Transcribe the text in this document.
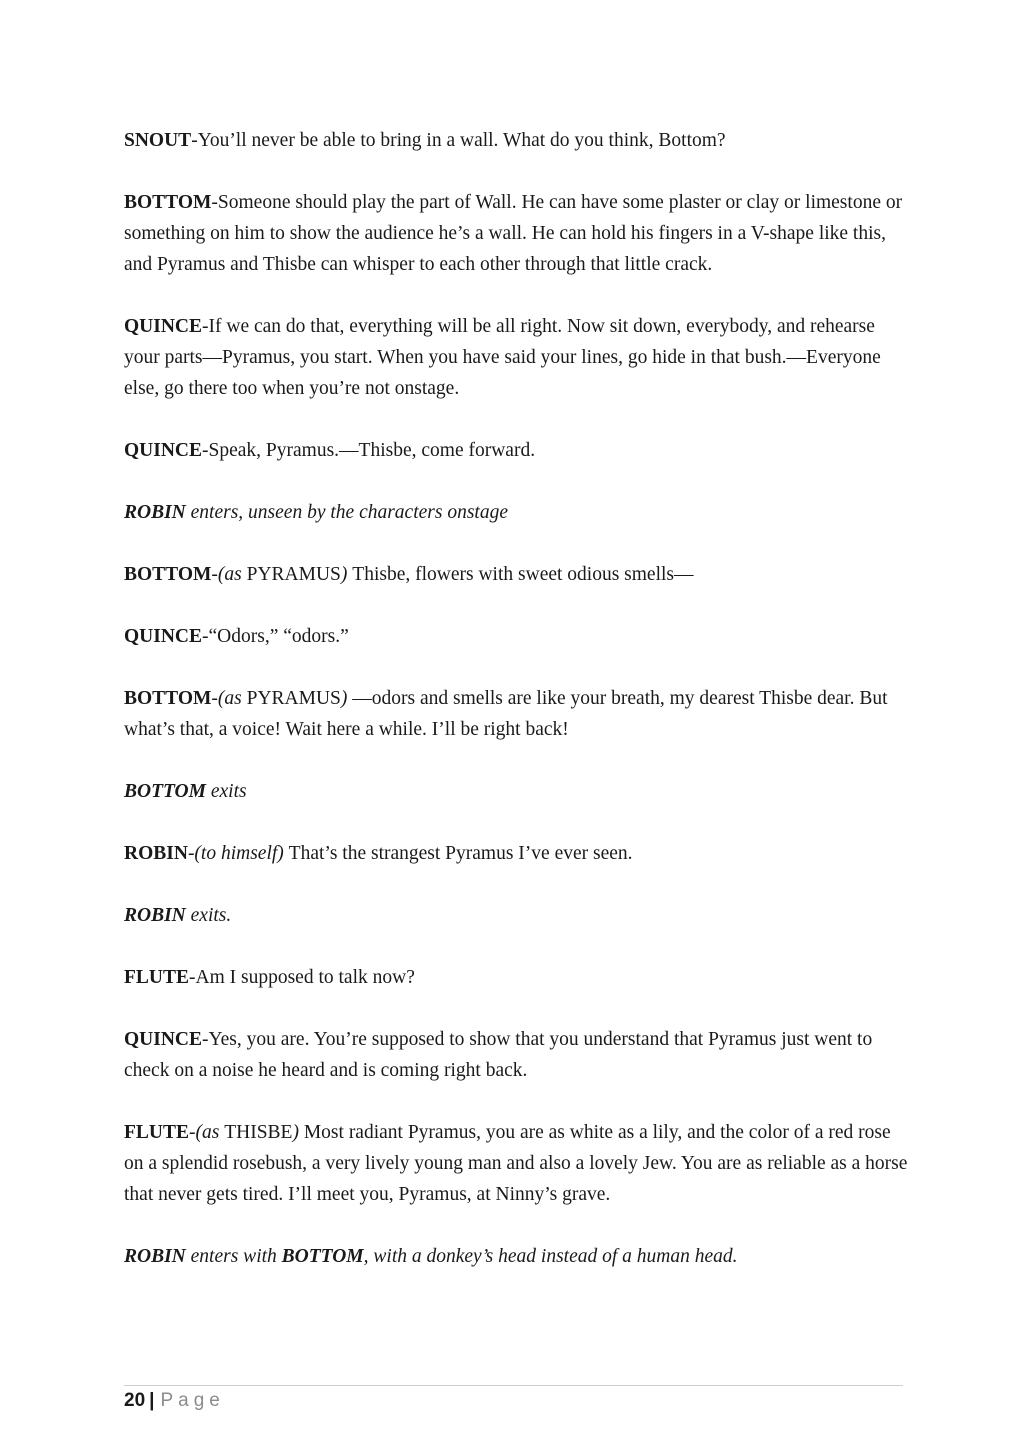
SNOUT-You’ll never be able to bring in a wall. What do you think, Bottom?

BOTTOM-Someone should play the part of Wall. He can have some plaster or clay or limestone or something on him to show the audience he’s a wall. He can hold his fingers in a V-shape like this, and Pyramus and Thisbe can whisper to each other through that little crack.

QUINCE-If we can do that, everything will be all right. Now sit down, everybody, and rehearse your parts—Pyramus, you start. When you have said your lines, go hide in that bush.—Everyone else, go there too when you’re not onstage.

QUINCE-Speak, Pyramus.—Thisbe, come forward.

ROBIN enters, unseen by the characters onstage

BOTTOM-(as PYRAMUS) Thisbe, flowers with sweet odious smells—

QUINCE-“Odors,” “odors.”

BOTTOM-(as PYRAMUS) —odors and smells are like your breath, my dearest Thisbe dear. But what’s that, a voice! Wait here a while. I’ll be right back!

BOTTOM exits

ROBIN-(to himself) That’s the strangest Pyramus I’ve ever seen.

ROBIN exits.

FLUTE-Am I supposed to talk now?

QUINCE-Yes, you are. You’re supposed to show that you understand that Pyramus just went to check on a noise he heard and is coming right back.

FLUTE-(as THISBE) Most radiant Pyramus, you are as white as a lily, and the color of a red rose on a splendid rosebush, a very lively young man and also a lovely Jew. You are as reliable as a horse that never gets tired. I’ll meet you, Pyramus, at Ninny’s grave.

ROBIN enters with BOTTOM, with a donkey’s head instead of a human head.

20 | Page
